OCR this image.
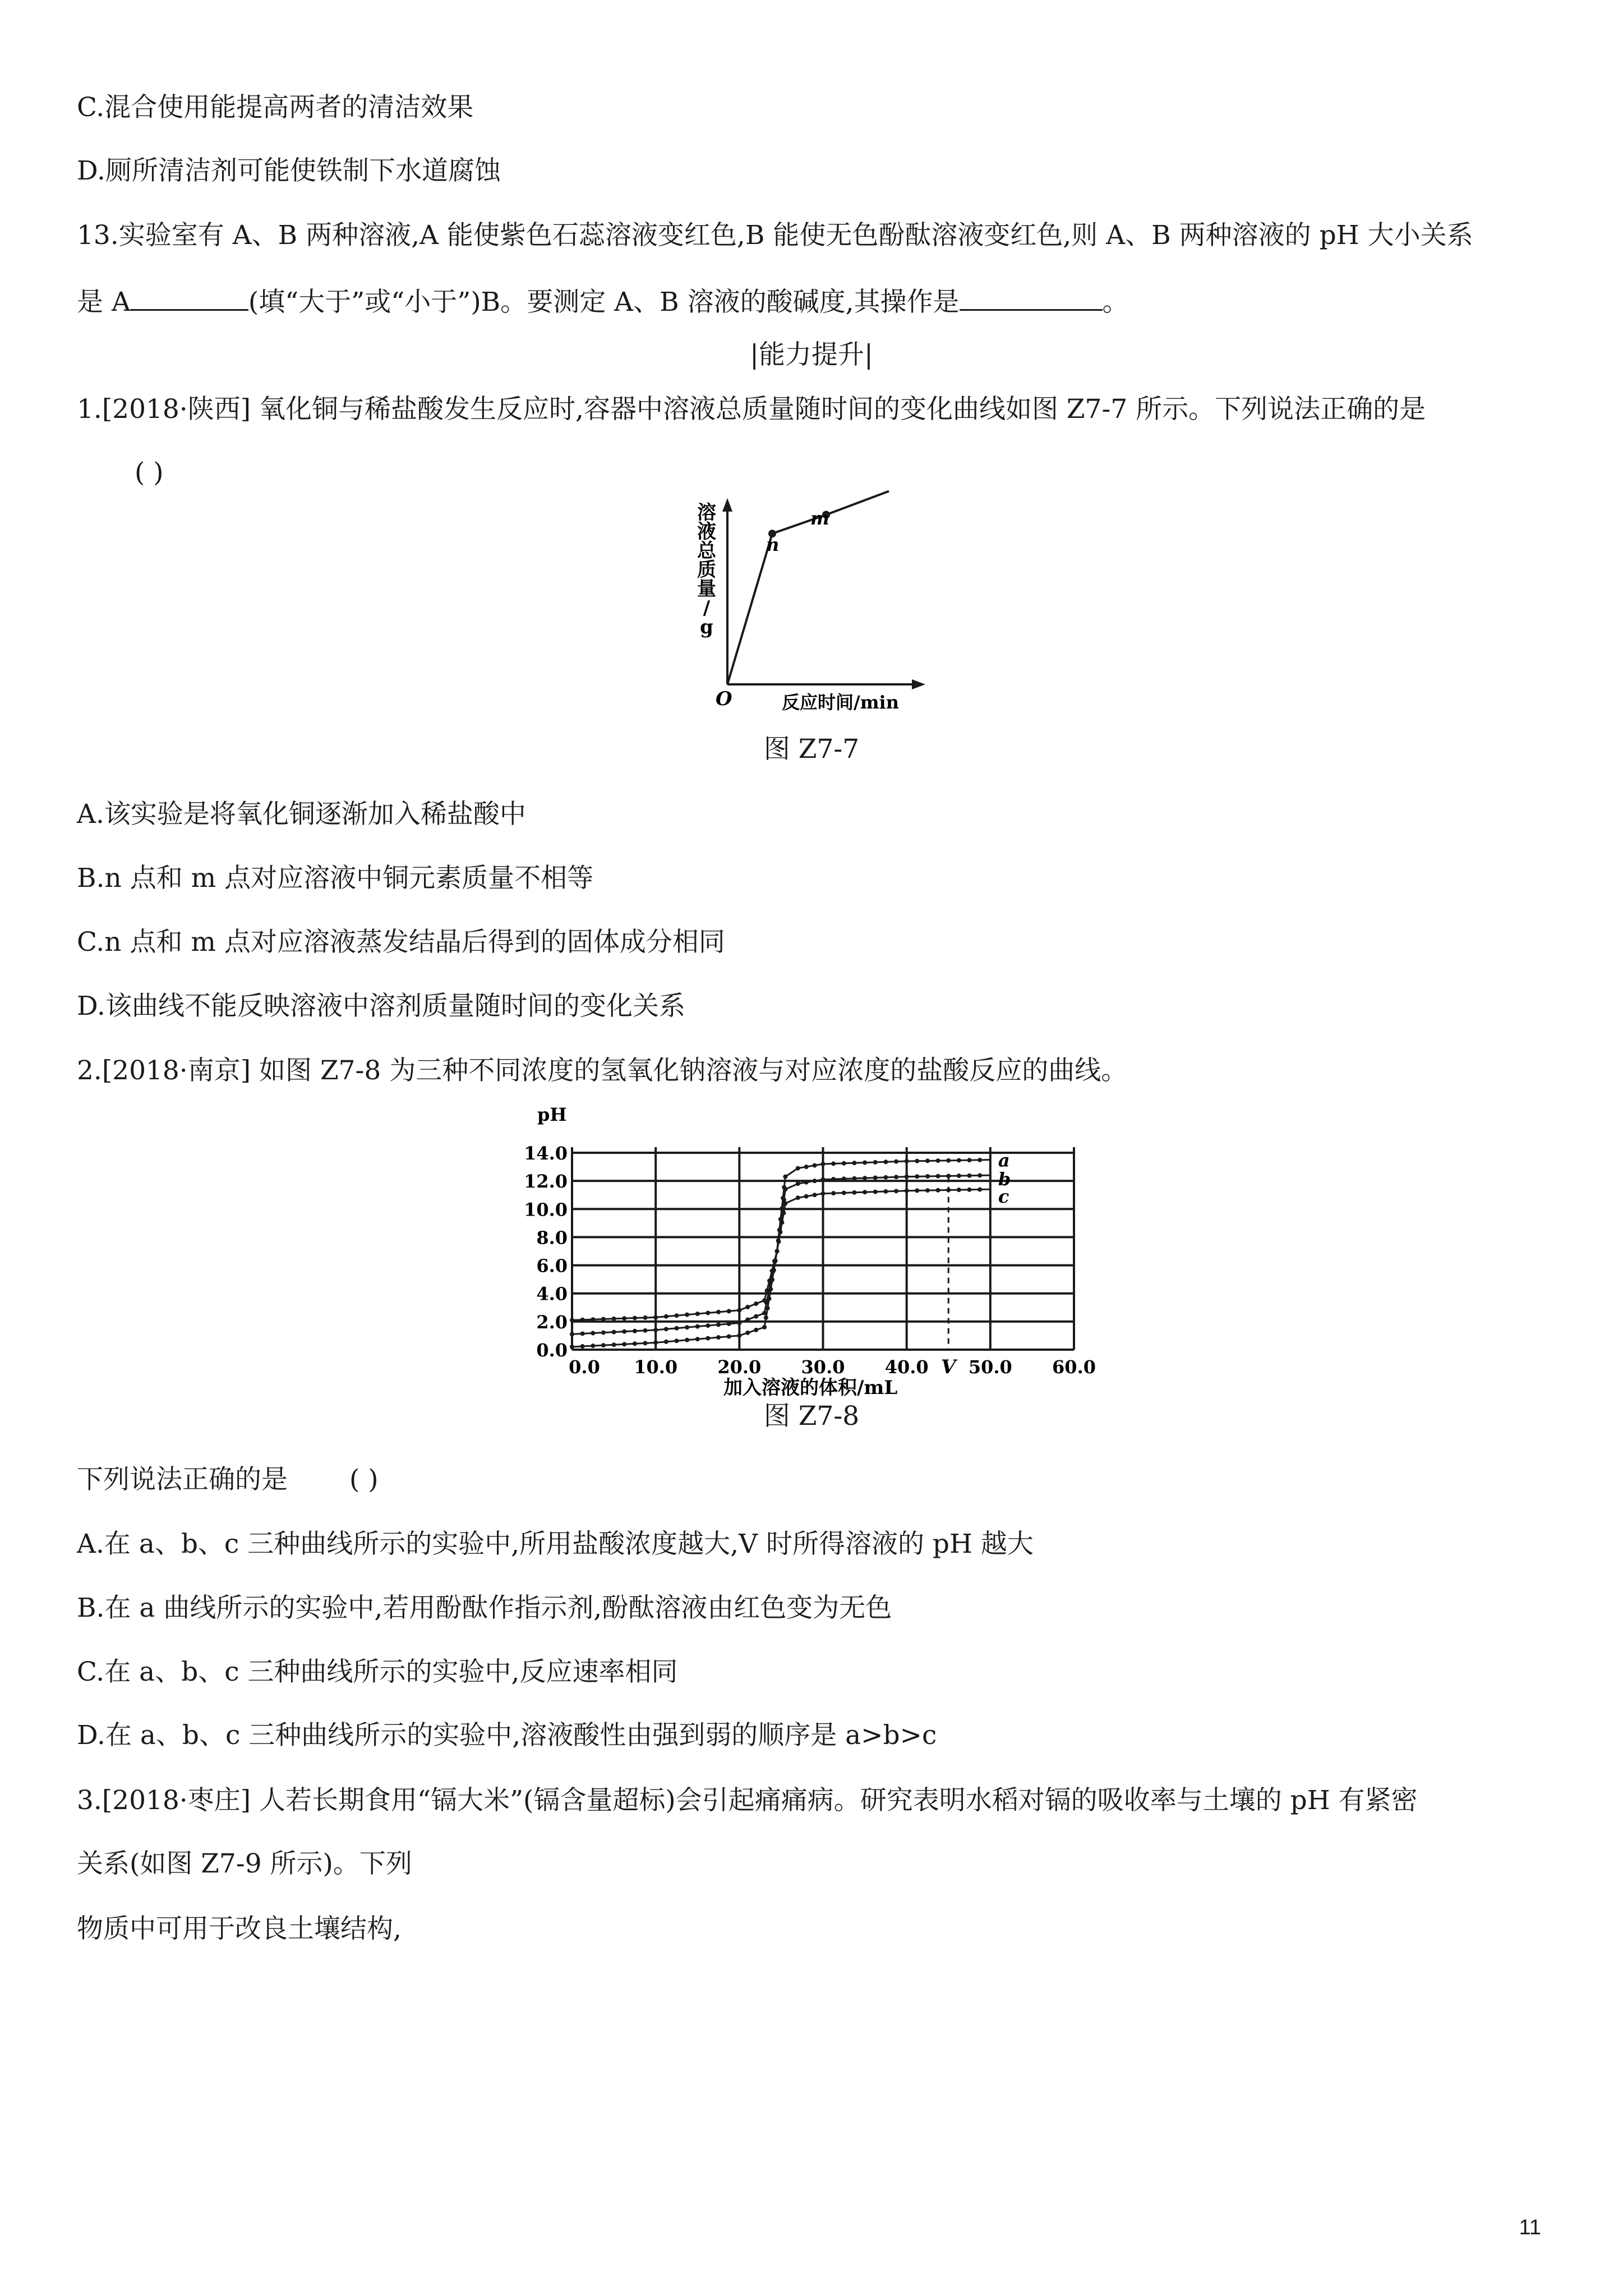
C.混合使用能提高两者的清洁效果
D.厕所清洁剂可能使铁制下水道腐蚀
13.实验室有 A、B 两种溶液,A 能使紫色石蕊溶液变红色,B 能使无色酚酞溶液变红色,则 A、B 两种溶液的 pH 大小关系
是 A	(填“大于”或“小于”)B。要测定 A、B 溶液的酸碱度,其操作是	。
|能力提升|
1.[2018·陕西] 氧化铜与稀盐酸发生反应时,容器中溶液总质量随时间的变化曲线如图 Z7-7 所示。下列说法正确的是
( )
溶液总质量/ g
O	反应时间/min
n
m
图 Z7-7
A.该实验是将氧化铜逐渐加入稀盐酸中
B.n 点和 m 点对应溶液中铜元素质量不相等
C.n 点和 m 点对应溶液蒸发结晶后得到的固体成分相同
D.该曲线不能反映溶液中溶剂质量随时间的变化关系
2.[2018·南京] 如图 Z7-8 为三种不同浓度的氢氧化钠溶液与对应浓度的盐酸反应的曲线。
0.0
2.0
4.0
6.0
8.0
10.0
12.0
14.0
0.0 10.0 20.0 30.0 40.0 50.0 60.0
a
b
c
V
pH
加入溶液的体积/mL
图 Z7-8
下列说法正确的是 ( )
A.在 a、b、c 三种曲线所示的实验中,所用盐酸浓度越大,V 时所得溶液的 pH 越大
B.在 a 曲线所示的实验中,若用酚酞作指示剂,酚酞溶液由红色变为无色
C.在 a、b、c 三种曲线所示的实验中,反应速率相同
D.在 a、b、c 三种曲线所示的实验中,溶液酸性由强到弱的顺序是 a>b>c
3.[2018·枣庄] 人若长期食用“镉大米”(镉含量超标)会引起痛痛病。研究表明水稻对镉的吸收率与土壤的 pH 有紧密
关系(如图 Z7-9 所示)。下列
物质中可用于改良土壤结构,
11
